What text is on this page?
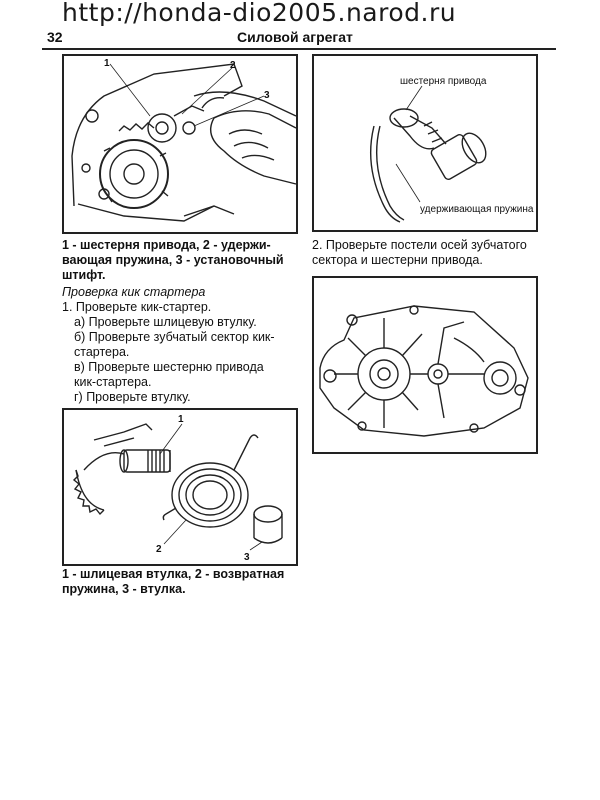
http://honda-dio2005.narod.ru
32	Силовой агрегат
1	2
3
1 - шестерня привода, 2 - удержи-
вающая пружина, 3 - установочный
штифт.
Проверка кик стартера
1. Проверьте кик-стартер.
а) Проверьте шлицевую втулку.
б) Проверьте зубчатый сектор кик-
стартера.
в) Проверьте шестерню привода
кик-стартера.
г) Проверьте втулку.
1
2
3
1 - шлицевая втулка, 2 - возвратная
пружина, 3 - втулка.
шестерня привода
удерживающая пружина
2. Проверьте постели осей зубчатого
сектора и шестерни привода.
